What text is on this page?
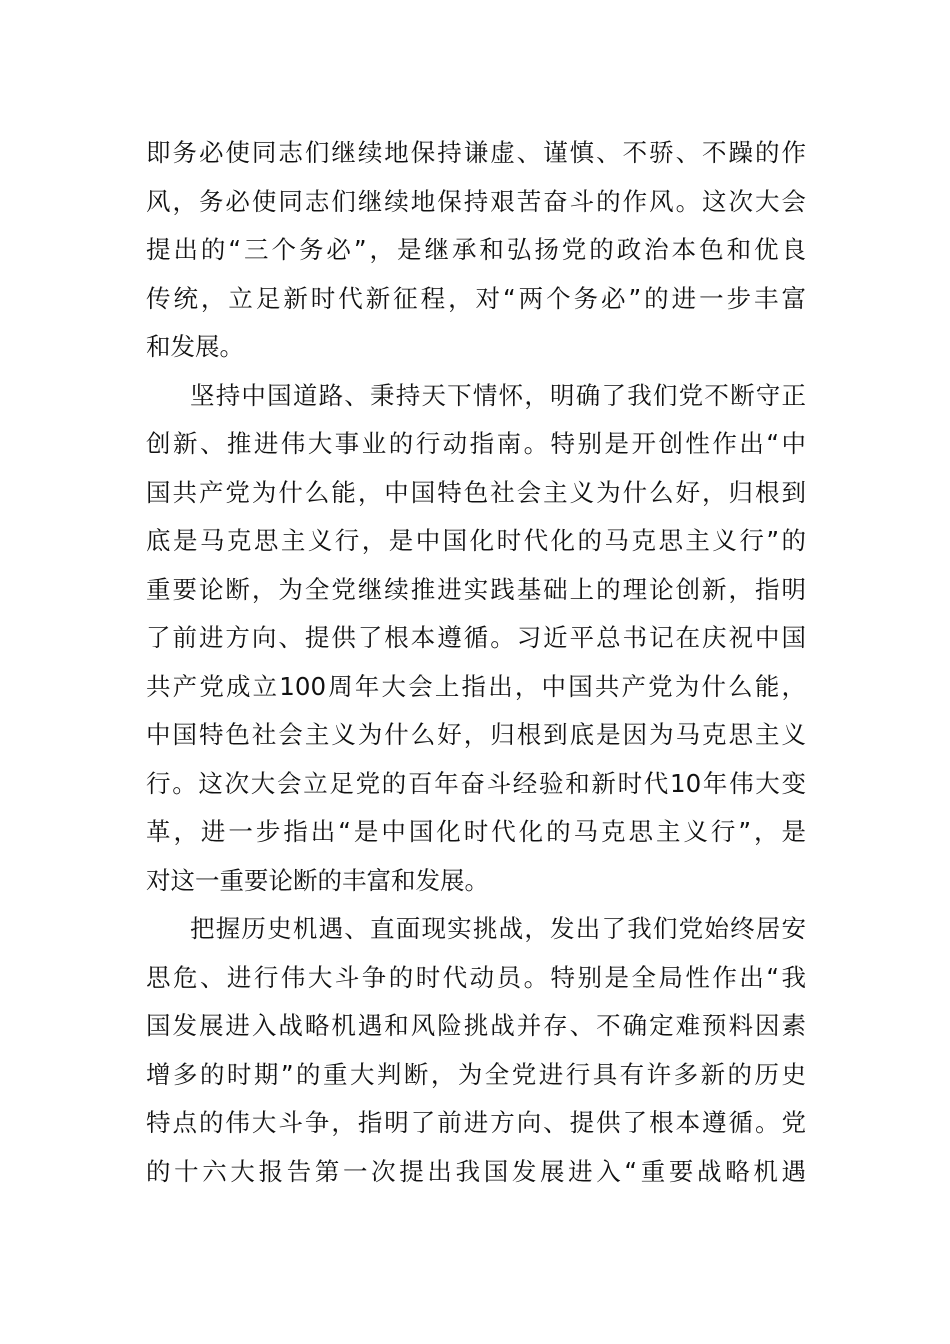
即务必使同志们继续地保持谦虚、谨慎、不骄、不躁的作
风，务必使同志们继续地保持艰苦奋斗的作风。这次大会
提出的“三个务必”，是继承和弘扬党的政治本色和优良
传统，立足新时代新征程，对“两个务必”的进一步丰富
和发展。
坚持中国道路、秉持天下情怀，明确了我们党不断守正
创新、推进伟大事业的行动指南。特别是开创性作出“中
国共产党为什么能，中国特色社会主义为什么好，归根到
底是马克思主义行，是中国化时代化的马克思主义行”的
重要论断，为全党继续推进实践基础上的理论创新，指明
了前进方向、提供了根本遵循。习近平总书记在庆祝中国
共产党成立100周年大会上指出，中国共产党为什么能，
中国特色社会主义为什么好，归根到底是因为马克思主义
行。这次大会立足党的百年奋斗经验和新时代10年伟大变
革，进一步指出“是中国化时代化的马克思主义行”，是
对这一重要论断的丰富和发展。
把握历史机遇、直面现实挑战，发出了我们党始终居安
思危、进行伟大斗争的时代动员。特别是全局性作出“我
国发展进入战略机遇和风险挑战并存、不确定难预料因素
增多的时期”的重大判断，为全党进行具有许多新的历史
特点的伟大斗争，指明了前进方向、提供了根本遵循。党
的十六大报告第一次提出我国发展进入“重要战略机遇
